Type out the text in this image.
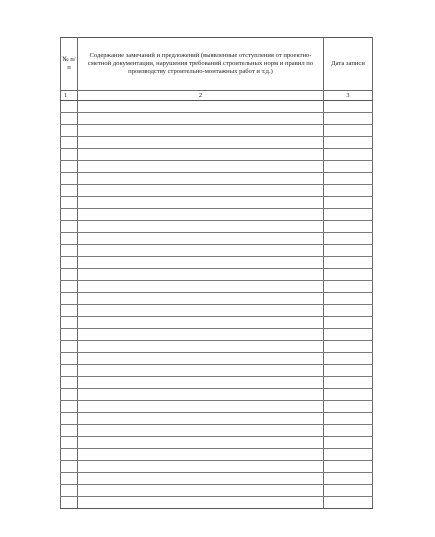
№ п/п	Содержание замечаний и предложений (выявленные отступления от проектно-сметной документации, нарушения требований строительных норм и правил по производству строительно-монтажных работ и т.д.)	Дата записи
1	2	3
